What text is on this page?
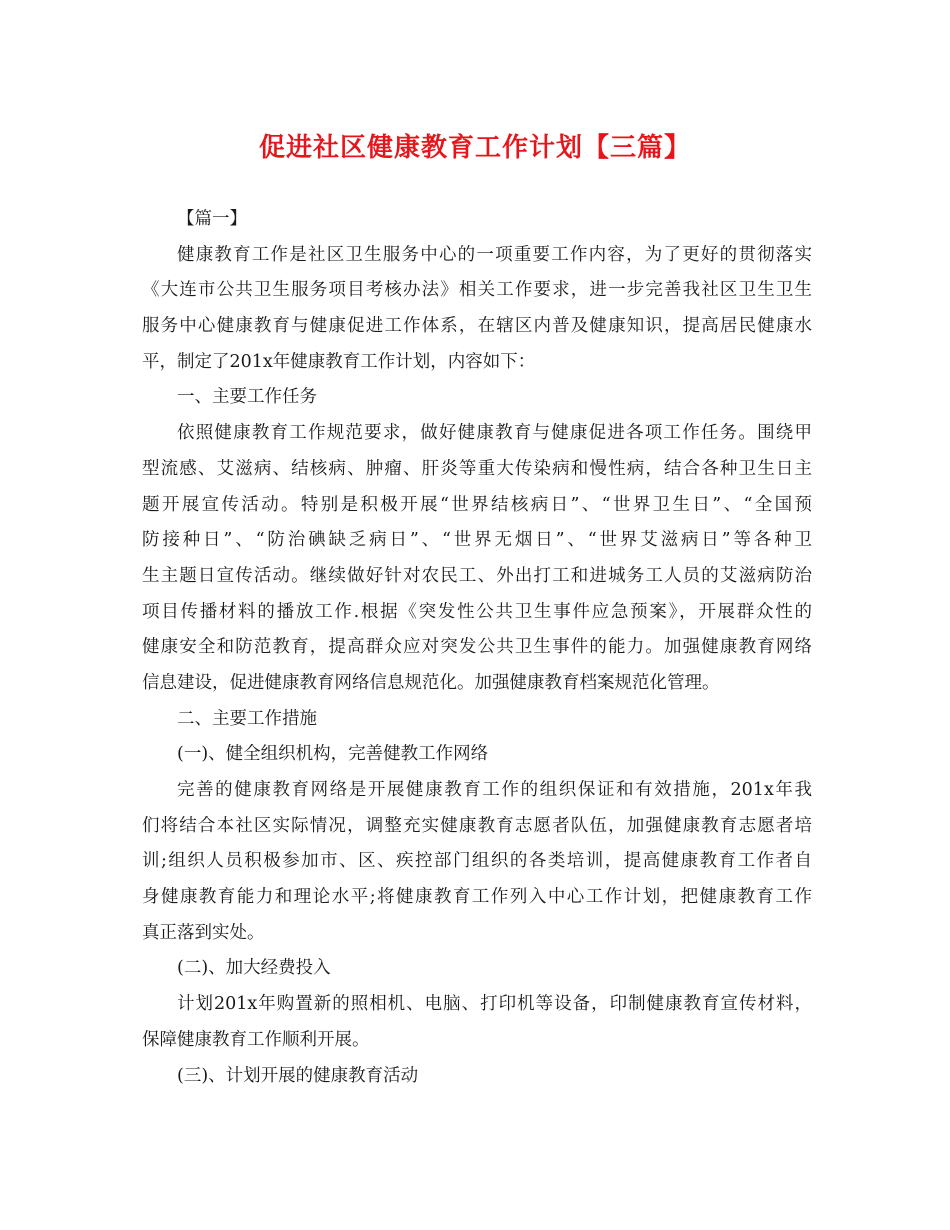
促进社区健康教育工作计划【三篇】
【篇一】
健康教育工作是社区卫生服务中心的一项重要工作内容，为了更好的贯彻落实
《大连市公共卫生服务项目考核办法》相关工作要求，进一步完善我社区卫生卫生
服务中心健康教育与健康促进工作体系，在辖区内普及健康知识，提高居民健康水
平，制定了201x年健康教育工作计划，内容如下：
一、主要工作任务
依照健康教育工作规范要求，做好健康教育与健康促进各项工作任务。围绕甲
型流感、艾滋病、结核病、肿瘤、肝炎等重大传染病和慢性病，结合各种卫生日主
题开展宣传活动。特别是积极开展“世界结核病日”、“世界卫生日”、“全国预
防接种日”、“防治碘缺乏病日”、“世界无烟日”、“世界艾滋病日”等各种卫
生主题日宣传活动。继续做好针对农民工、外出打工和进城务工人员的艾滋病防治
项目传播材料的播放工作.根据《突发性公共卫生事件应急预案》，开展群众性的
健康安全和防范教育，提高群众应对突发公共卫生事件的能力。加强健康教育网络
信息建设，促进健康教育网络信息规范化。加强健康教育档案规范化管理。
二、主要工作措施
(一)、健全组织机构，完善健教工作网络
完善的健康教育网络是开展健康教育工作的组织保证和有效措施，201x年我
们将结合本社区实际情况，调整充实健康教育志愿者队伍，加强健康教育志愿者培
训;组织人员积极参加市、区、疾控部门组织的各类培训，提高健康教育工作者自
身健康教育能力和理论水平;将健康教育工作列入中心工作计划，把健康教育工作
真正落到实处。
(二)、加大经费投入
计划201x年购置新的照相机、电脑、打印机等设备，印制健康教育宣传材料，
保障健康教育工作顺利开展。
(三)、计划开展的健康教育活动
